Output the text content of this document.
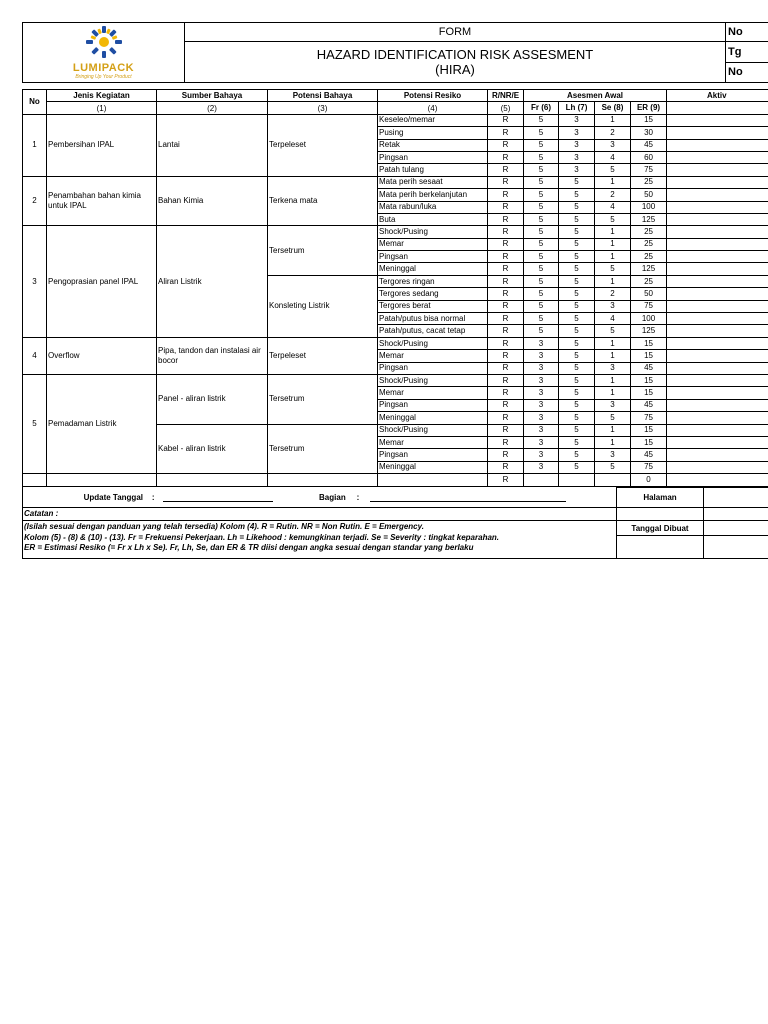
LUMIPACK
Bringing Up Your Product	FORM	No

	HAZARD IDENTIFICATION RISK ASSESMENT
(HIRA)	Tg
		No
No	Jenis Kegiatan	Sumber Bahaya	Potensi Bahaya	Potensi Resiko	R/NR/E	Asesmen Awal				Aktiv
	(1)	(2)	(3)	(4)	(5)	Fr (6)	Lh (7)	Se (8)	ER (9)	
1	Pembersihan IPAL	Lantai	Terpeleset	Keseleo/memar	R	5	3	1	15	
				Pusing	R	5	3	2	30	
				Retak	R	5	3	3	45	
				Pingsan	R	5	3	4	60	
				Patah tulang	R	5	3	5	75	
2	Penambahan bahan kimia untuk IPAL	Bahan Kimia	Terkena mata	Mata perih sesaat	R	5	5	1	25	
				Mata perih berkelanjutan	R	5	5	2	50	
				Mata rabun/luka	R	5	5	4	100	
				Buta	R	5	5	5	125	
3	Pengoprasian panel IPAL	Aliran Listrik	Tersetrum	Shock/Pusing	R	5	5	1	25	
				Memar	R	5	5	1	25	
				Pingsan	R	5	5	1	25	
				Meninggal	R	5	5	5	125	
			Konsleting Listrik	Tergores ringan	R	5	5	1	25	
				Tergores sedang	R	5	5	2	50	
				Tergores berat	R	5	5	3	75	
				Patah/putus bisa normal	R	5	5	4	100	
				Patah/putus, cacat tetap	R	5	5	5	125	
4	Overflow	Pipa, tandon dan instalasi air bocor	Terpeleset	Shock/Pusing	R	3	5	1	15	
				Memar	R	3	5	1	15	
				Pingsan	R	3	5	3	45	
5	Pemadaman Listrik	Panel - aliran listrik	Tersetrum	Shock/Pusing	R	3	5	1	15	
				Memar	R	3	5	1	15	
				Pingsan	R	3	5	3	45	
				Meninggal	R	3	5	5	75	
		Kabel - aliran listrik	Tersetrum	Shock/Pusing	R	3	5	1	15	
				Memar	R	3	5	1	15	
				Pingsan	R	3	5	3	45	
				Meninggal	R	3	5	5	75	
					R				0	
Update Tanggal : Bagian :	Halaman	

Catatan :
(Isilah sesuai dengan panduan yang telah tersedia) Kolom (4). R = Rutin. NR = Non Rutin. E = Emergency.
Kolom (5) - (8) & (10) - (13). Fr = Frekuensi Pekerjaan. Lh = Likehood : kemungkinan terjadi. Se = Severity : tingkat keparahan.
ER = Estimasi Resiko (= Fr x Lh x Se). Fr, Lh, Se, dan ER & TR diisi dengan angka sesuai dengan standar yang berlaku		

	Tanggal Dibuat	
